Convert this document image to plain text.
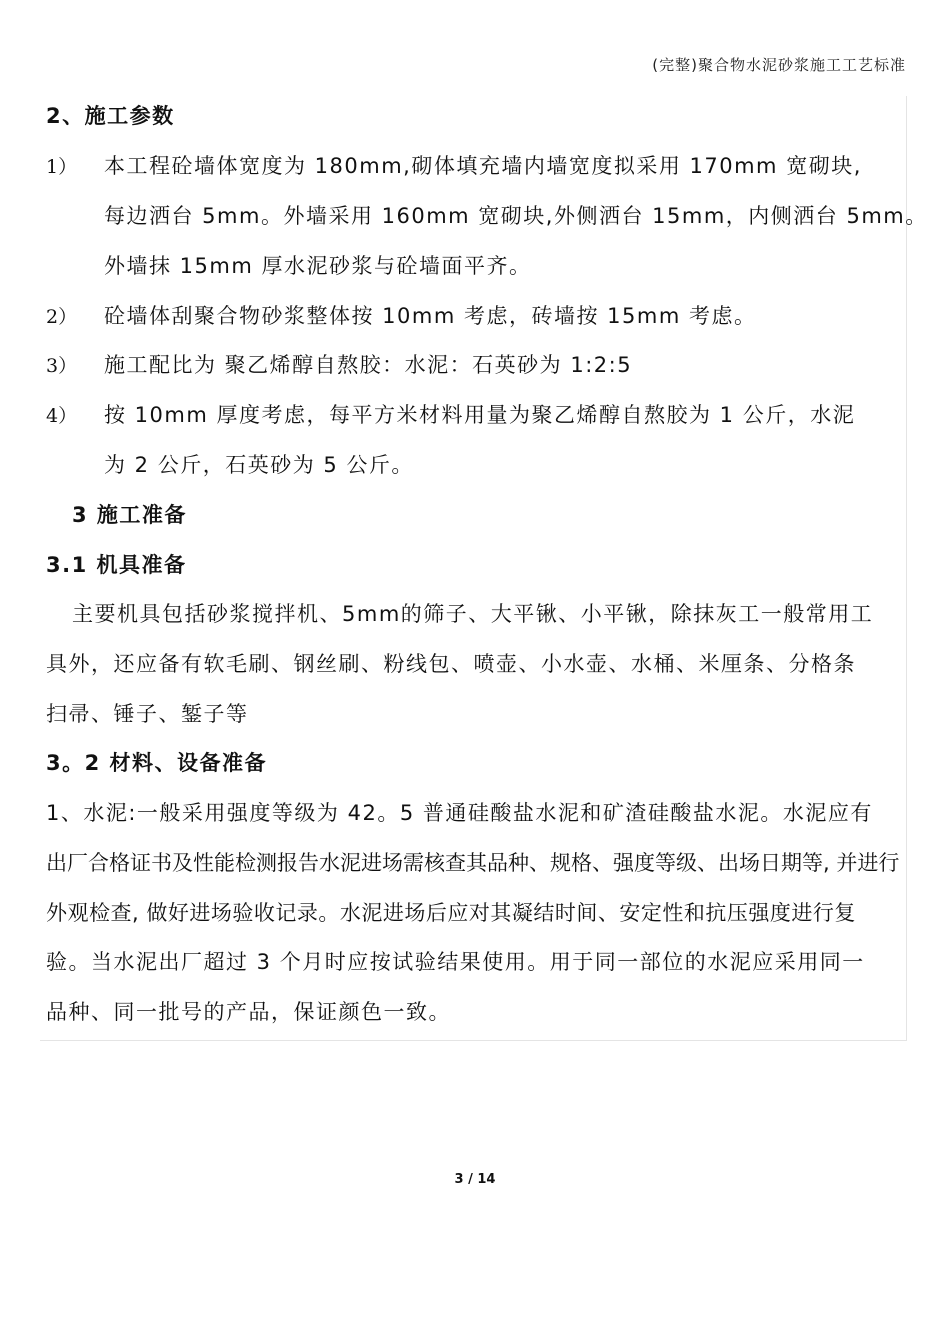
(完整)聚合物水泥砂浆施工工艺标准
2、施工参数
1） 本工程砼墙体宽度为 180mm,砌体填充墙内墙宽度拟采用 170mm 宽砌块,
每边洒台 5mm。外墙采用 160mm 宽砌块,外侧洒台 15mm，内侧洒台 5mm。
外墙抹 15mm 厚水泥砂浆与砼墙面平齐。
2） 砼墙体刮聚合物砂浆整体按 10mm 考虑，砖墙按 15mm 考虑。
3） 施工配比为 聚乙烯醇自熬胶：水泥：石英砂为 1:2:5
4） 按 10mm 厚度考虑，每平方米材料用量为聚乙烯醇自熬胶为 1 公斤，水泥
为 2 公斤，石英砂为 5 公斤。
3 施工准备
3.1 机具准备
主要机具包括砂浆搅拌机、5mm的筛子、大平锹、小平锹，除抹灰工一般常用工
具外，还应备有软毛刷、钢丝刷、粉线包、喷壶、小水壶、水桶、米厘条、分格条
扫帚、锤子、錾子等
3。2 材料、设备准备
1、水泥:一般采用强度等级为 42。5 普通硅酸盐水泥和矿渣硅酸盐水泥。水泥应有
出厂合格证书及性能检测报告水泥进场需核查其品种、规格、强度等级、出场日期等, 并进行
外观检查, 做好进场验收记录。水泥进场后应对其凝结时间、安定性和抗压强度进行复
验。当水泥出厂超过 3 个月时应按试验结果使用。用于同一部位的水泥应采用同一
品种、同一批号的产品，保证颜色一致。
3 / 14
